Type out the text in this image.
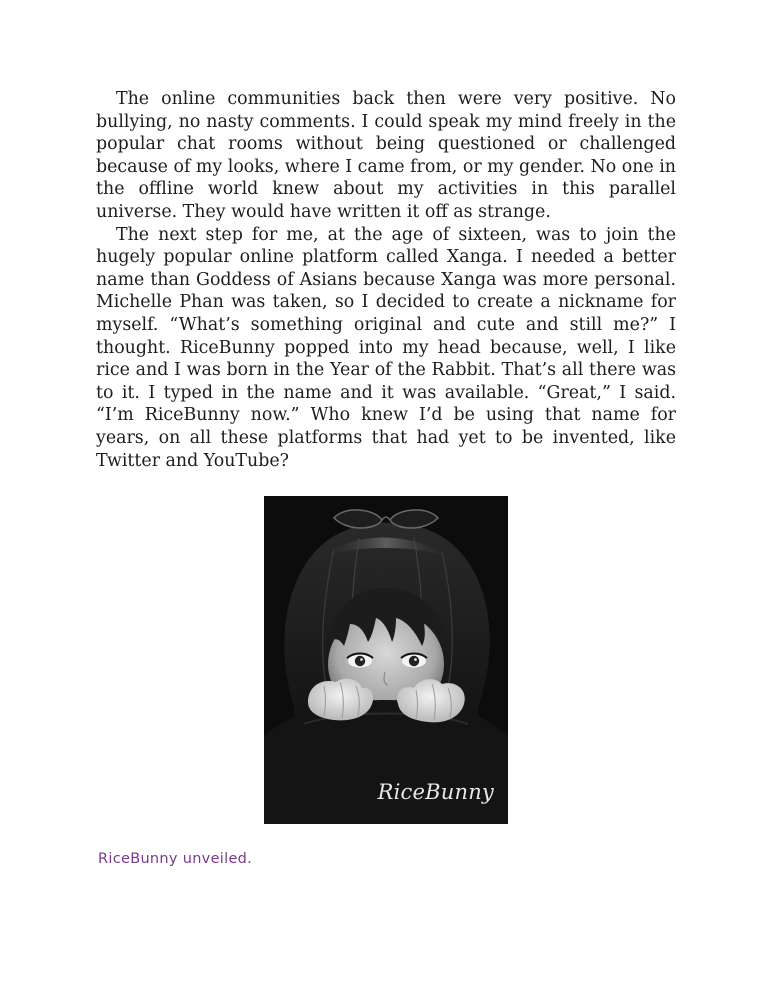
The online communities back then were very positive. No bullying, no nasty comments. I could speak my mind freely in the popular chat rooms without being questioned or challenged because of my looks, where I came from, or my gender. No one in the offline world knew about my activities in this parallel universe. They would have written it off as strange.

The next step for me, at the age of sixteen, was to join the hugely popular online platform called Xanga. I needed a better name than Goddess of Asians because Xanga was more personal. Michelle Phan was taken, so I decided to create a nickname for myself. “What’s something original and cute and still me?” I thought. RiceBunny popped into my head because, well, I like rice and I was born in the Year of the Rabbit. That’s all there was to it. I typed in the name and it was available. “Great,” I said. “I’m RiceBunny now.” Who knew I’d be using that name for years, on all these platforms that had yet to be invented, like Twitter and YouTube?

RiceBunny
RiceBunny unveiled.
